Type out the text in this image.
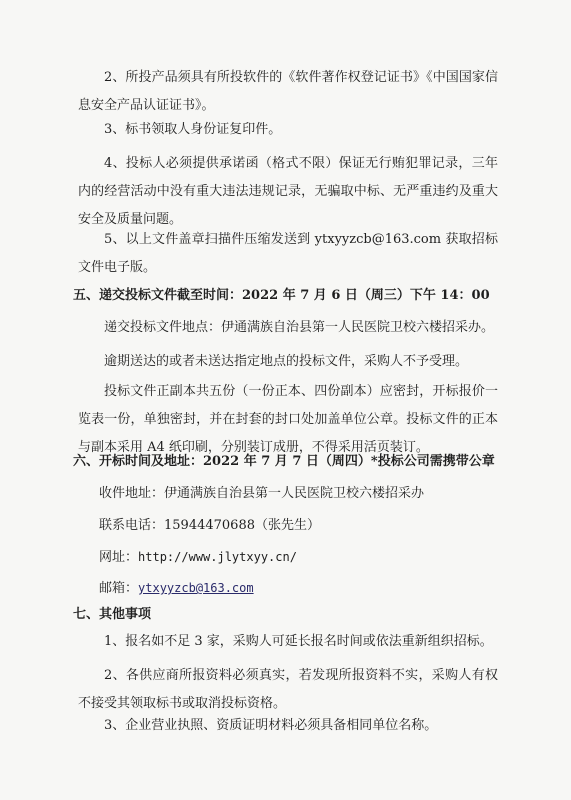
2、所投产品须具有所投软件的《软件著作权登记证书》《中国国家信息安全产品认证证书》。

3、标书领取人身份证复印件。

4、投标人必须提供承诺函（格式不限）保证无行贿犯罪记录，三年内的经营活动中没有重大违法违规记录，无骗取中标、无严重违约及重大安全及质量问题。

5、以上文件盖章扫描件压缩发送到 ytxyyzcb@163.com 获取招标文件电子版。

五、递交投标文件截至时间：2022 年 7 月 6 日（周三）下午 14：00

递交投标文件地点：伊通满族自治县第一人民医院卫校六楼招采办。

逾期送达的或者未送达指定地点的投标文件，采购人不予受理。

投标文件正副本共五份（一份正本、四份副本）应密封，开标报价一览表一份，单独密封，并在封套的封口处加盖单位公章。投标文件的正本与副本采用 A4 纸印刷，分别装订成册，不得采用活页装订。

六、开标时间及地址：2022 年 7 月 7 日（周四）*投标公司需携带公章

收件地址：伊通满族自治县第一人民医院卫校六楼招采办

联系电话：15944470688（张先生）

网址：http://www.jlytxyy.cn/

邮箱：ytxyyzcb@163.com

七、其他事项

1、报名如不足 3 家，采购人可延长报名时间或依法重新组织招标。

2、各供应商所报资料必须真实，若发现所报资料不实，采购人有权不接受其领取标书或取消投标资格。

3、企业营业执照、资质证明材料必须具备相同单位名称。
